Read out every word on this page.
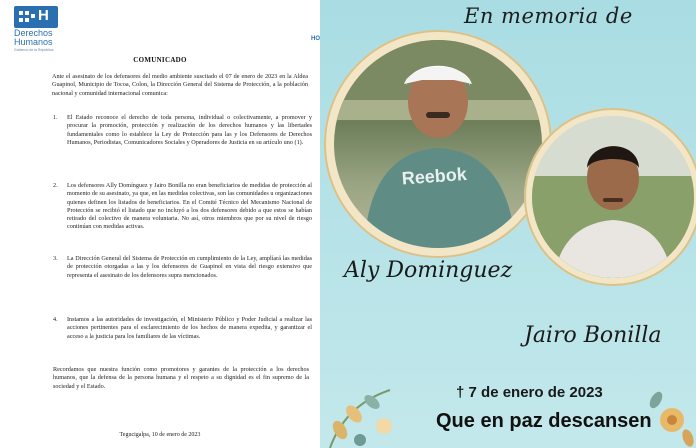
H
Derechos
Humanos
Gobierno de la República
COMUNICADO
Ante el asesinato de los defensores del medio ambiente suscitado el 07 de enero de 2023 en la Aldea Guapinol, Municipio de Tocoa, Colon, la Dirección General del Sistema de Protección, a la población nacional y comunidad internacional comunica:
1. El Estado reconoce el derecho de toda persona, individual o colectivamente, a promover y procurar la promoción, protección y realización de los derechos humanos y las libertades fundamentales como lo establece la Ley de Protección para las y los Defensores de Derechos Humanos, Periodistas, Comunicadores Sociales y Operadores de Justicia en su artículo uno (1).
2. Los defensores Ally Domínguez y Jairo Bonilla no eran beneficiarios de medidas de protección al momento de su asesinato, ya que, en las medidas colectivas, son las comunidades u organizaciones quienes definen los listados de beneficiarios. En el Comité Técnico del Mecanismo Nacional de Protección se recibió el listado que no incluyó a los dos defensores debido a que estos se habían retirado del colectivo de manera voluntaria. No así, otros miembros que por su nivel de riesgo continúan con medidas activas.
3. La Dirección General del Sistema de Protección en cumplimiento de la Ley, amplíará las medidas de protección otorgadas a las y los defensores de Guapinol en vista del riesgo extensivo que representa el asesinato de los defensores supra mencionados.
4. Instamos a las autoridades de investigación, el Ministerio Público y Poder Judicial a realizar las acciones pertinentes para el esclarecimiento de los hechos de manera expedita, y garantizar el acceso a la justicia para los familiares de las víctimas.
Recordamos que nuestra función como promotores y garantes de la protección a los derechos humanos, que la defensa de la persona humana y el respeto a su dignidad es el fin supremo de la sociedad y el Estado.
Tegucigalpa, 10 de enero de 2023
HO
En memoria de
Reebok
Aly Dominguez
Jairo Bonilla
† 7 de enero de 2023
Que en paz descansen
